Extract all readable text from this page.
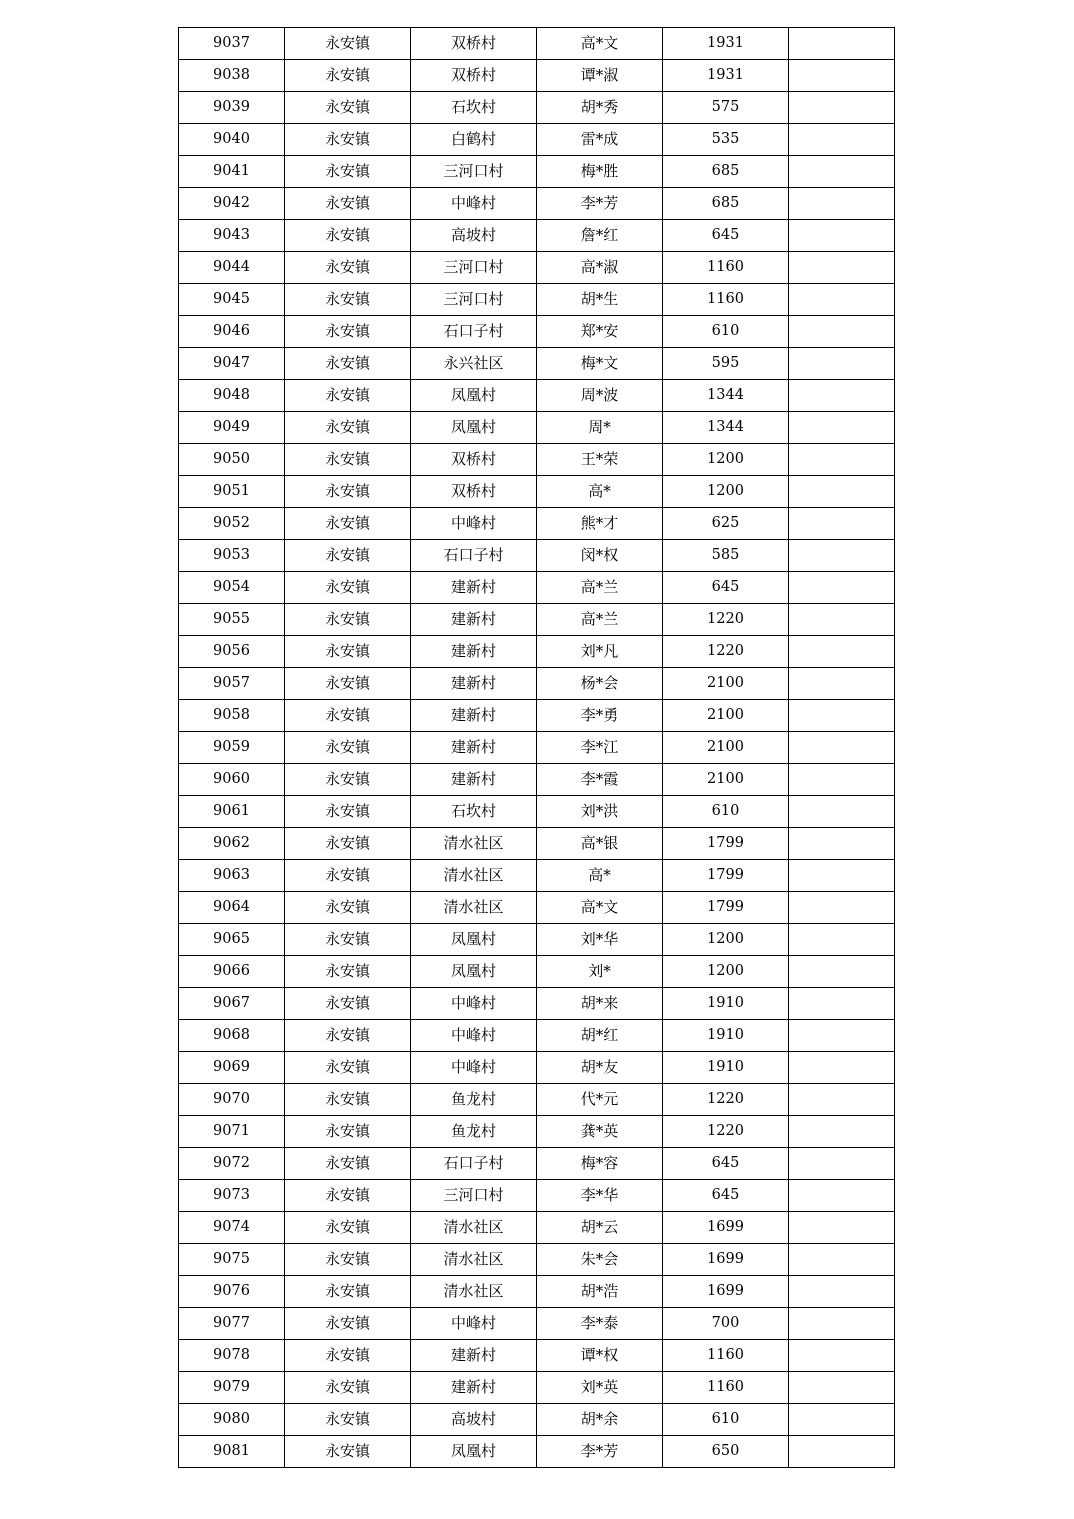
9037	永安镇	双桥村	高*文	1931	
9038	永安镇	双桥村	谭*淑	1931	
9039	永安镇	石坎村	胡*秀	575	
9040	永安镇	白鹤村	雷*成	535	
9041	永安镇	三河口村	梅*胜	685	
9042	永安镇	中峰村	李*芳	685	
9043	永安镇	高坡村	詹*红	645	
9044	永安镇	三河口村	高*淑	1160	
9045	永安镇	三河口村	胡*生	1160	
9046	永安镇	石口子村	郑*安	610	
9047	永安镇	永兴社区	梅*文	595	
9048	永安镇	凤凰村	周*波	1344	
9049	永安镇	凤凰村	周*	1344	
9050	永安镇	双桥村	王*荣	1200	
9051	永安镇	双桥村	高*	1200	
9052	永安镇	中峰村	熊*才	625	
9053	永安镇	石口子村	闵*权	585	
9054	永安镇	建新村	高*兰	645	
9055	永安镇	建新村	高*兰	1220	
9056	永安镇	建新村	刘*凡	1220	
9057	永安镇	建新村	杨*会	2100	
9058	永安镇	建新村	李*勇	2100	
9059	永安镇	建新村	李*江	2100	
9060	永安镇	建新村	李*霞	2100	
9061	永安镇	石坎村	刘*洪	610	
9062	永安镇	清水社区	高*银	1799	
9063	永安镇	清水社区	高*	1799	
9064	永安镇	清水社区	高*文	1799	
9065	永安镇	凤凰村	刘*华	1200	
9066	永安镇	凤凰村	刘*	1200	
9067	永安镇	中峰村	胡*来	1910	
9068	永安镇	中峰村	胡*红	1910	
9069	永安镇	中峰村	胡*友	1910	
9070	永安镇	鱼龙村	代*元	1220	
9071	永安镇	鱼龙村	龚*英	1220	
9072	永安镇	石口子村	梅*容	645	
9073	永安镇	三河口村	李*华	645	
9074	永安镇	清水社区	胡*云	1699	
9075	永安镇	清水社区	朱*会	1699	
9076	永安镇	清水社区	胡*浩	1699	
9077	永安镇	中峰村	李*泰	700	
9078	永安镇	建新村	谭*权	1160	
9079	永安镇	建新村	刘*英	1160	
9080	永安镇	高坡村	胡*余	610	
9081	永安镇	凤凰村	李*芳	650	
